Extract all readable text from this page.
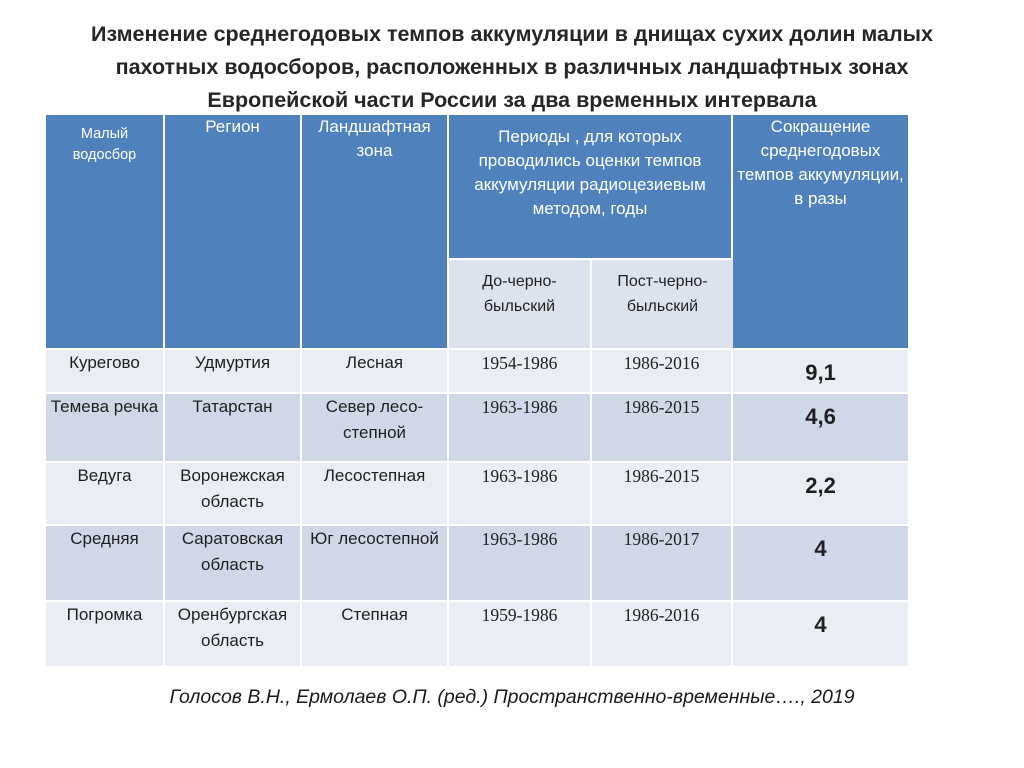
Изменение среднегодовых темпов аккумуляции в днищах сухих долин малых
пахотных водосборов, расположенных в различных ландшафтных зонах
Европейской части России за два временных интервала
Малый водосбор	Регион	Ландшафтная зона	Периоды , для которых проводились оценки темпов аккумуляции радиоцезиевым методом, годы		Сокращение среднегодовых темпов аккумуляции, в разы
			До-черно-быльский	Пост-черно-быльский	
Курегово	Удмуртия	Лесная	1954-1986	1986-2016	9,1
Темева речка	Татарстан	Север лесо-степной	1963-1986	1986-2015	4,6
Ведуга	Воронежская область	Лесостепная	1963-1986	1986-2015	2,2
Средняя	Саратовская область	Юг лесостепной	1963-1986	1986-2017	4
Погромка	Оренбургская область	Степная	1959-1986	1986-2016	4
Голосов В.Н., Ермолаев О.П. (ред.) Пространственно-временные…., 2019
